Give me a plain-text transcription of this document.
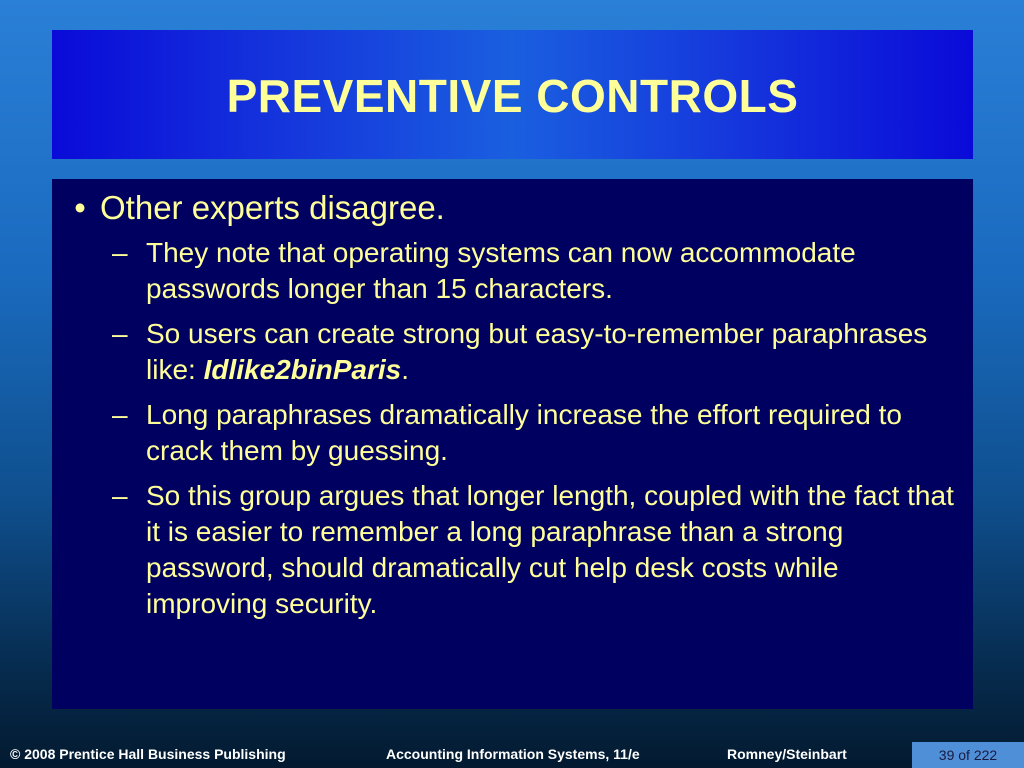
PREVENTIVE CONTROLS
• Other experts disagree.
– They note that operating systems can now accommodate passwords longer than 15 characters.
– So users can create strong but easy-to-remember paraphrases like: Idlike2binParis.
– Long paraphrases dramatically increase the effort required to crack them by guessing.
– So this group argues that longer length, coupled with the fact that it is easier to remember a long paraphrase than a strong password, should dramatically cut help desk costs while improving security.
© 2008 Prentice Hall Business Publishing	Accounting Information Systems, 11/e	Romney/Steinbart	39 of 222
